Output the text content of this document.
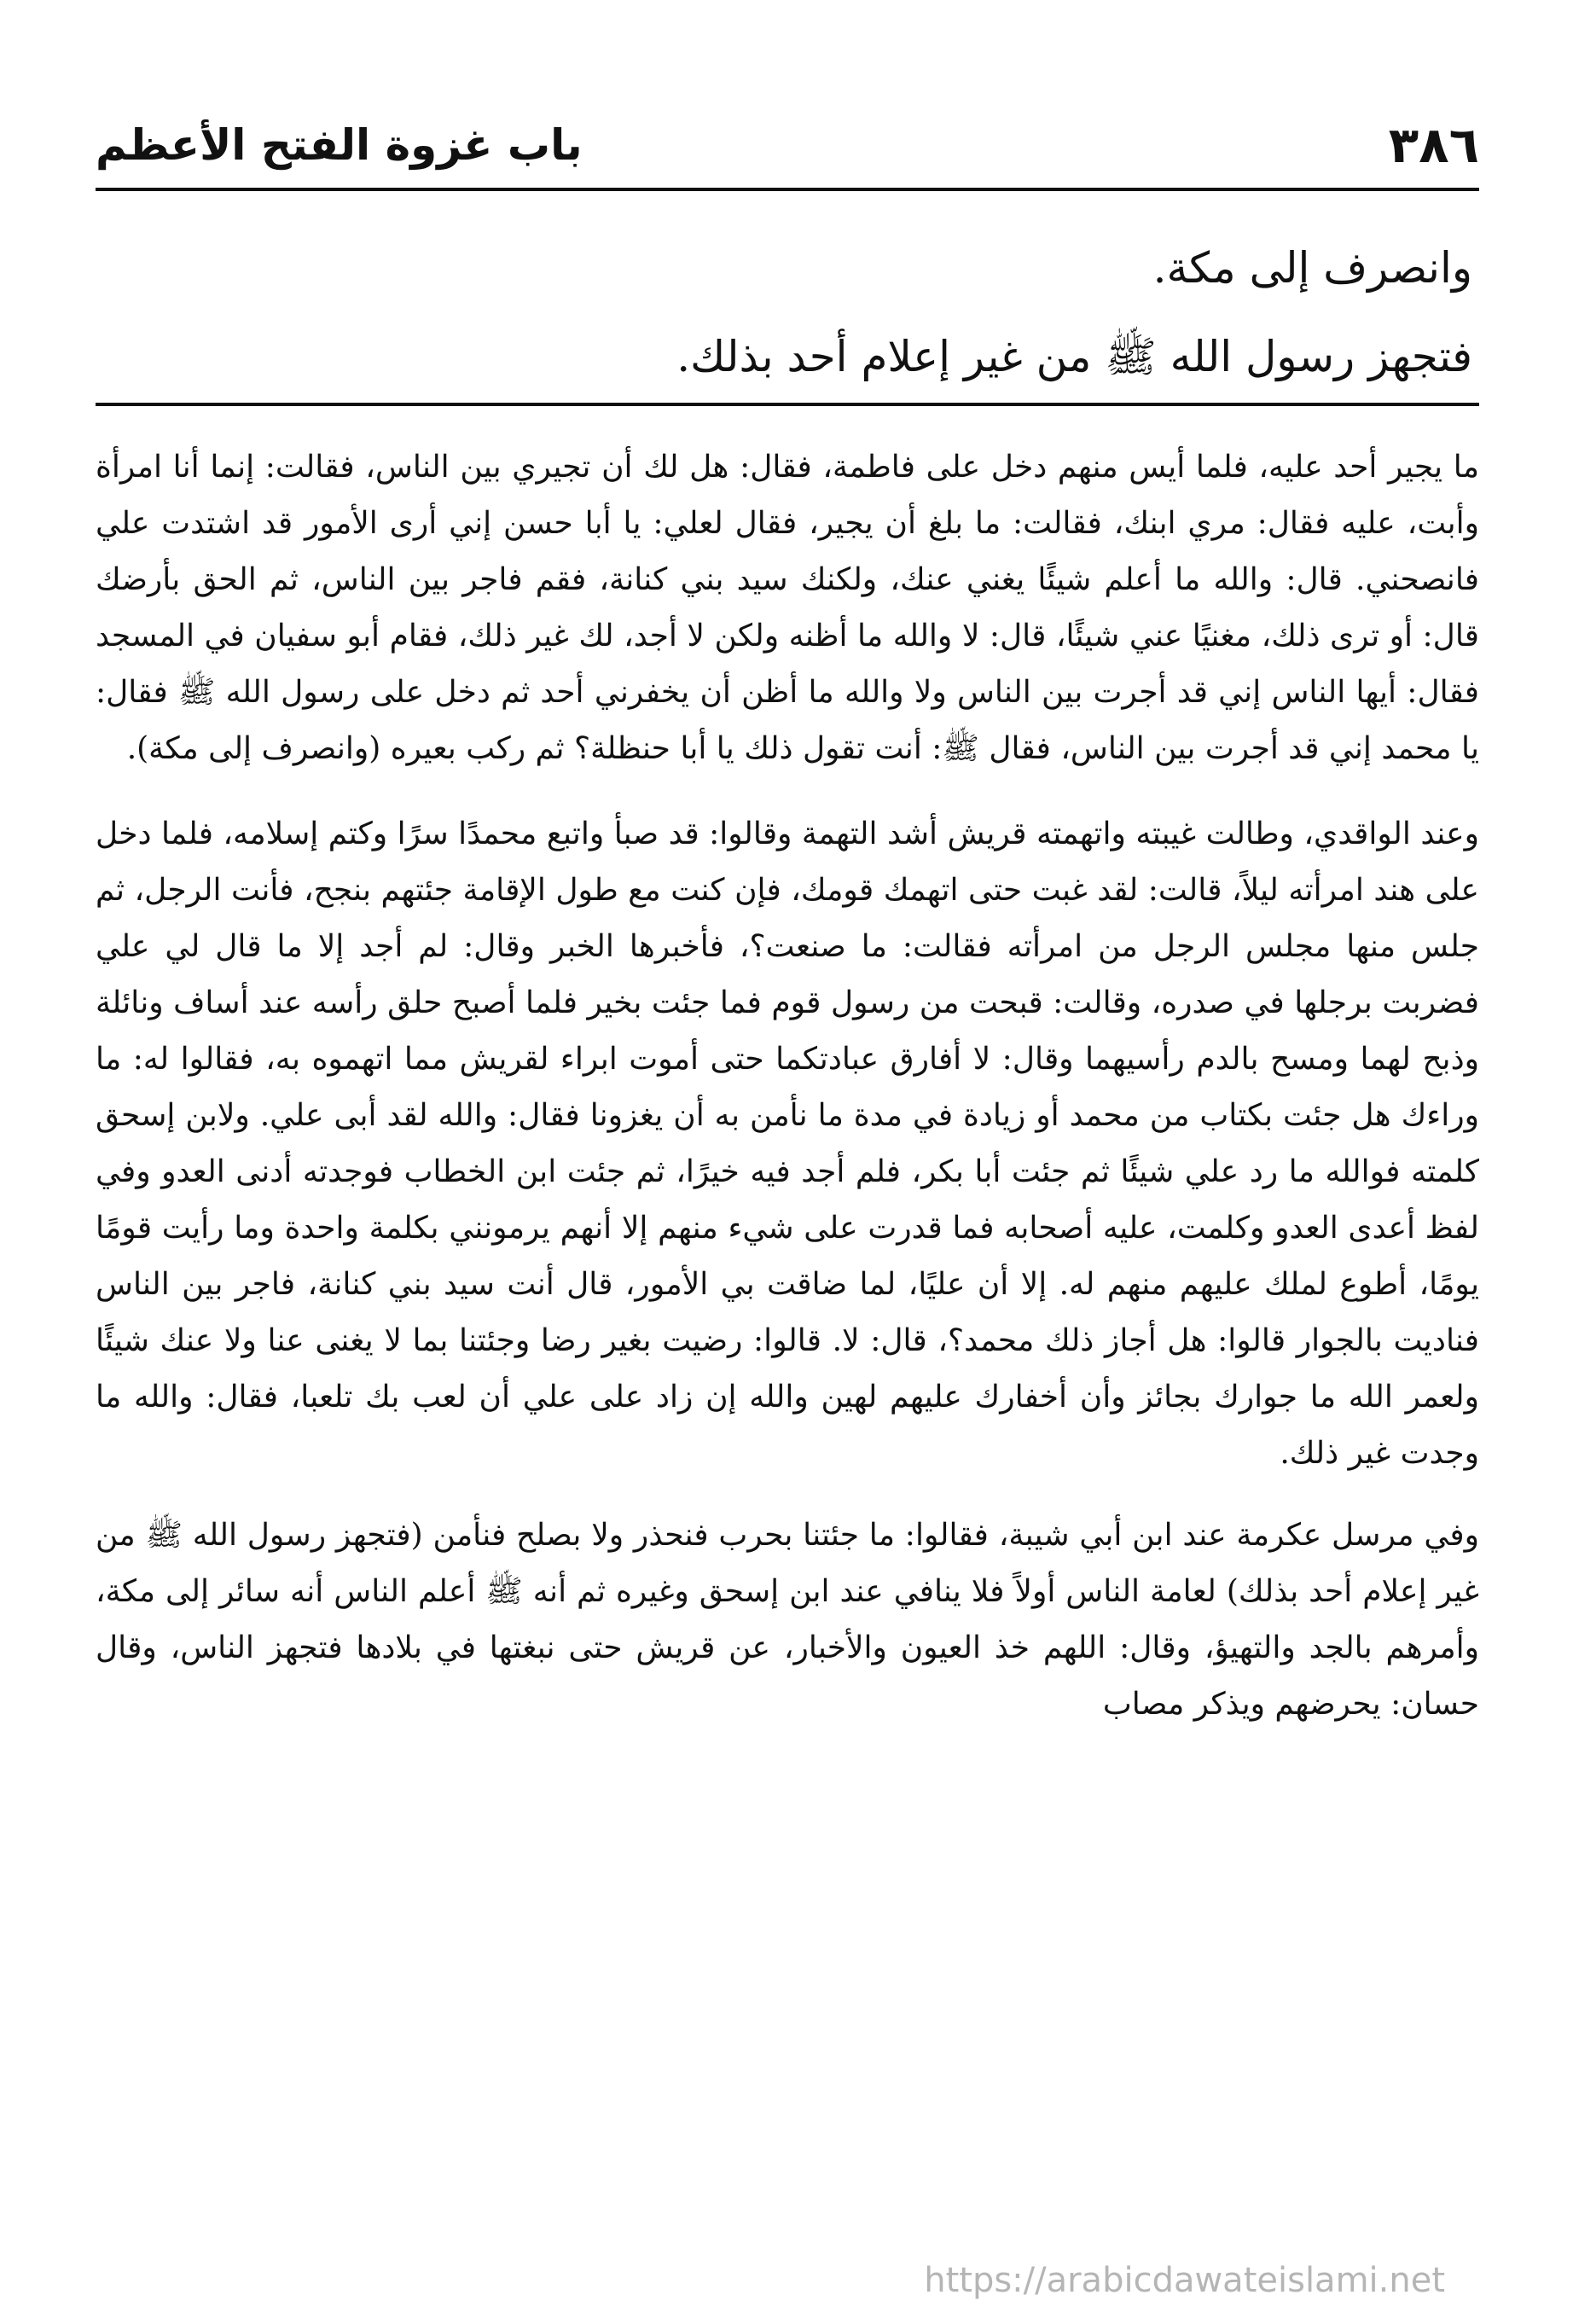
٣٨٦
باب غزوة الفتح الأعظم

وانصرف إلى مكة.

فتجهز رسول الله ﷺ من غير إعلام أحد بذلك.

ما يجير أحد عليه، فلما أيس منهم دخل على فاطمة، فقال: هل لك أن تجيري بين الناس، فقالت: إنما أنا امرأة وأبت، عليه فقال: مري ابنك، فقالت: ما بلغ أن يجير، فقال لعلي: يا أبا حسن إني أرى الأمور قد اشتدت علي فانصحني. قال: والله ما أعلم شيئًا يغني عنك، ولكنك سيد بني كنانة، فقم فاجر بين الناس، ثم الحق بأرضك قال: أو ترى ذلك، مغنيًا عني شيئًا، قال: لا والله ما أظنه ولكن لا أجد، لك غير ذلك، فقام أبو سفيان في المسجد فقال: أيها الناس إني قد أجرت بين الناس ولا والله ما أظن أن يخفرني أحد ثم دخل على رسول الله ﷺ فقال: يا محمد إني قد أجرت بين الناس، فقال ﷺ: أنت تقول ذلك يا أبا حنظلة؟ ثم ركب بعيره (وانصرف إلى مكة).

وعند الواقدي، وطالت غيبته واتهمته قريش أشد التهمة وقالوا: قد صبأ واتبع محمدًا سرًا وكتم إسلامه، فلما دخل على هند امرأته ليلاً، قالت: لقد غبت حتى اتهمك قومك، فإن كنت مع طول الإقامة جئتهم بنجح، فأنت الرجل، ثم جلس منها مجلس الرجل من امرأته فقالت: ما صنعت؟، فأخبرها الخبر وقال: لم أجد إلا ما قال لي علي فضربت برجلها في صدره، وقالت: قبحت من رسول قوم فما جئت بخير فلما أصبح حلق رأسه عند أساف ونائلة وذبح لهما ومسح بالدم رأسيهما وقال: لا أفارق عبادتكما حتى أموت ابراء لقريش مما اتهموه به، فقالوا له: ما وراءك هل جئت بكتاب من محمد أو زيادة في مدة ما نأمن به أن يغزونا فقال: والله لقد أبى علي. ولابن إسحق كلمته فوالله ما رد علي شيئًا ثم جئت أبا بكر، فلم أجد فيه خيرًا، ثم جئت ابن الخطاب فوجدته أدنى العدو وفي لفظ أعدى العدو وكلمت، عليه أصحابه فما قدرت على شيء منهم إلا أنهم يرمونني بكلمة واحدة وما رأيت قومًا يومًا، أطوع لملك عليهم منهم له. إلا أن عليًا، لما ضاقت بي الأمور، قال أنت سيد بني كنانة، فاجر بين الناس فناديت بالجوار قالوا: هل أجاز ذلك محمد؟، قال: لا. قالوا: رضيت بغير رضا وجئتنا بما لا يغنى عنا ولا عنك شيئًا ولعمر الله ما جوارك بجائز وأن أخفارك عليهم لهين والله إن زاد على علي أن لعب بك تلعبا، فقال: والله ما وجدت غير ذلك.

وفي مرسل عكرمة عند ابن أبي شيبة، فقالوا: ما جئتنا بحرب فنحذر ولا بصلح فنأمن (فتجهز رسول الله ﷺ من غير إعلام أحد بذلك) لعامة الناس أولاً فلا ينافي عند ابن إسحق وغيره ثم أنه ﷺ أعلم الناس أنه سائر إلى مكة، وأمرهم بالجد والتهيؤ، وقال: اللهم خذ العيون والأخبار، عن قريش حتى نبغتها في بلادها فتجهز الناس، وقال حسان: يحرضهم ويذكر مصاب

https://arabicdawateislami.net
